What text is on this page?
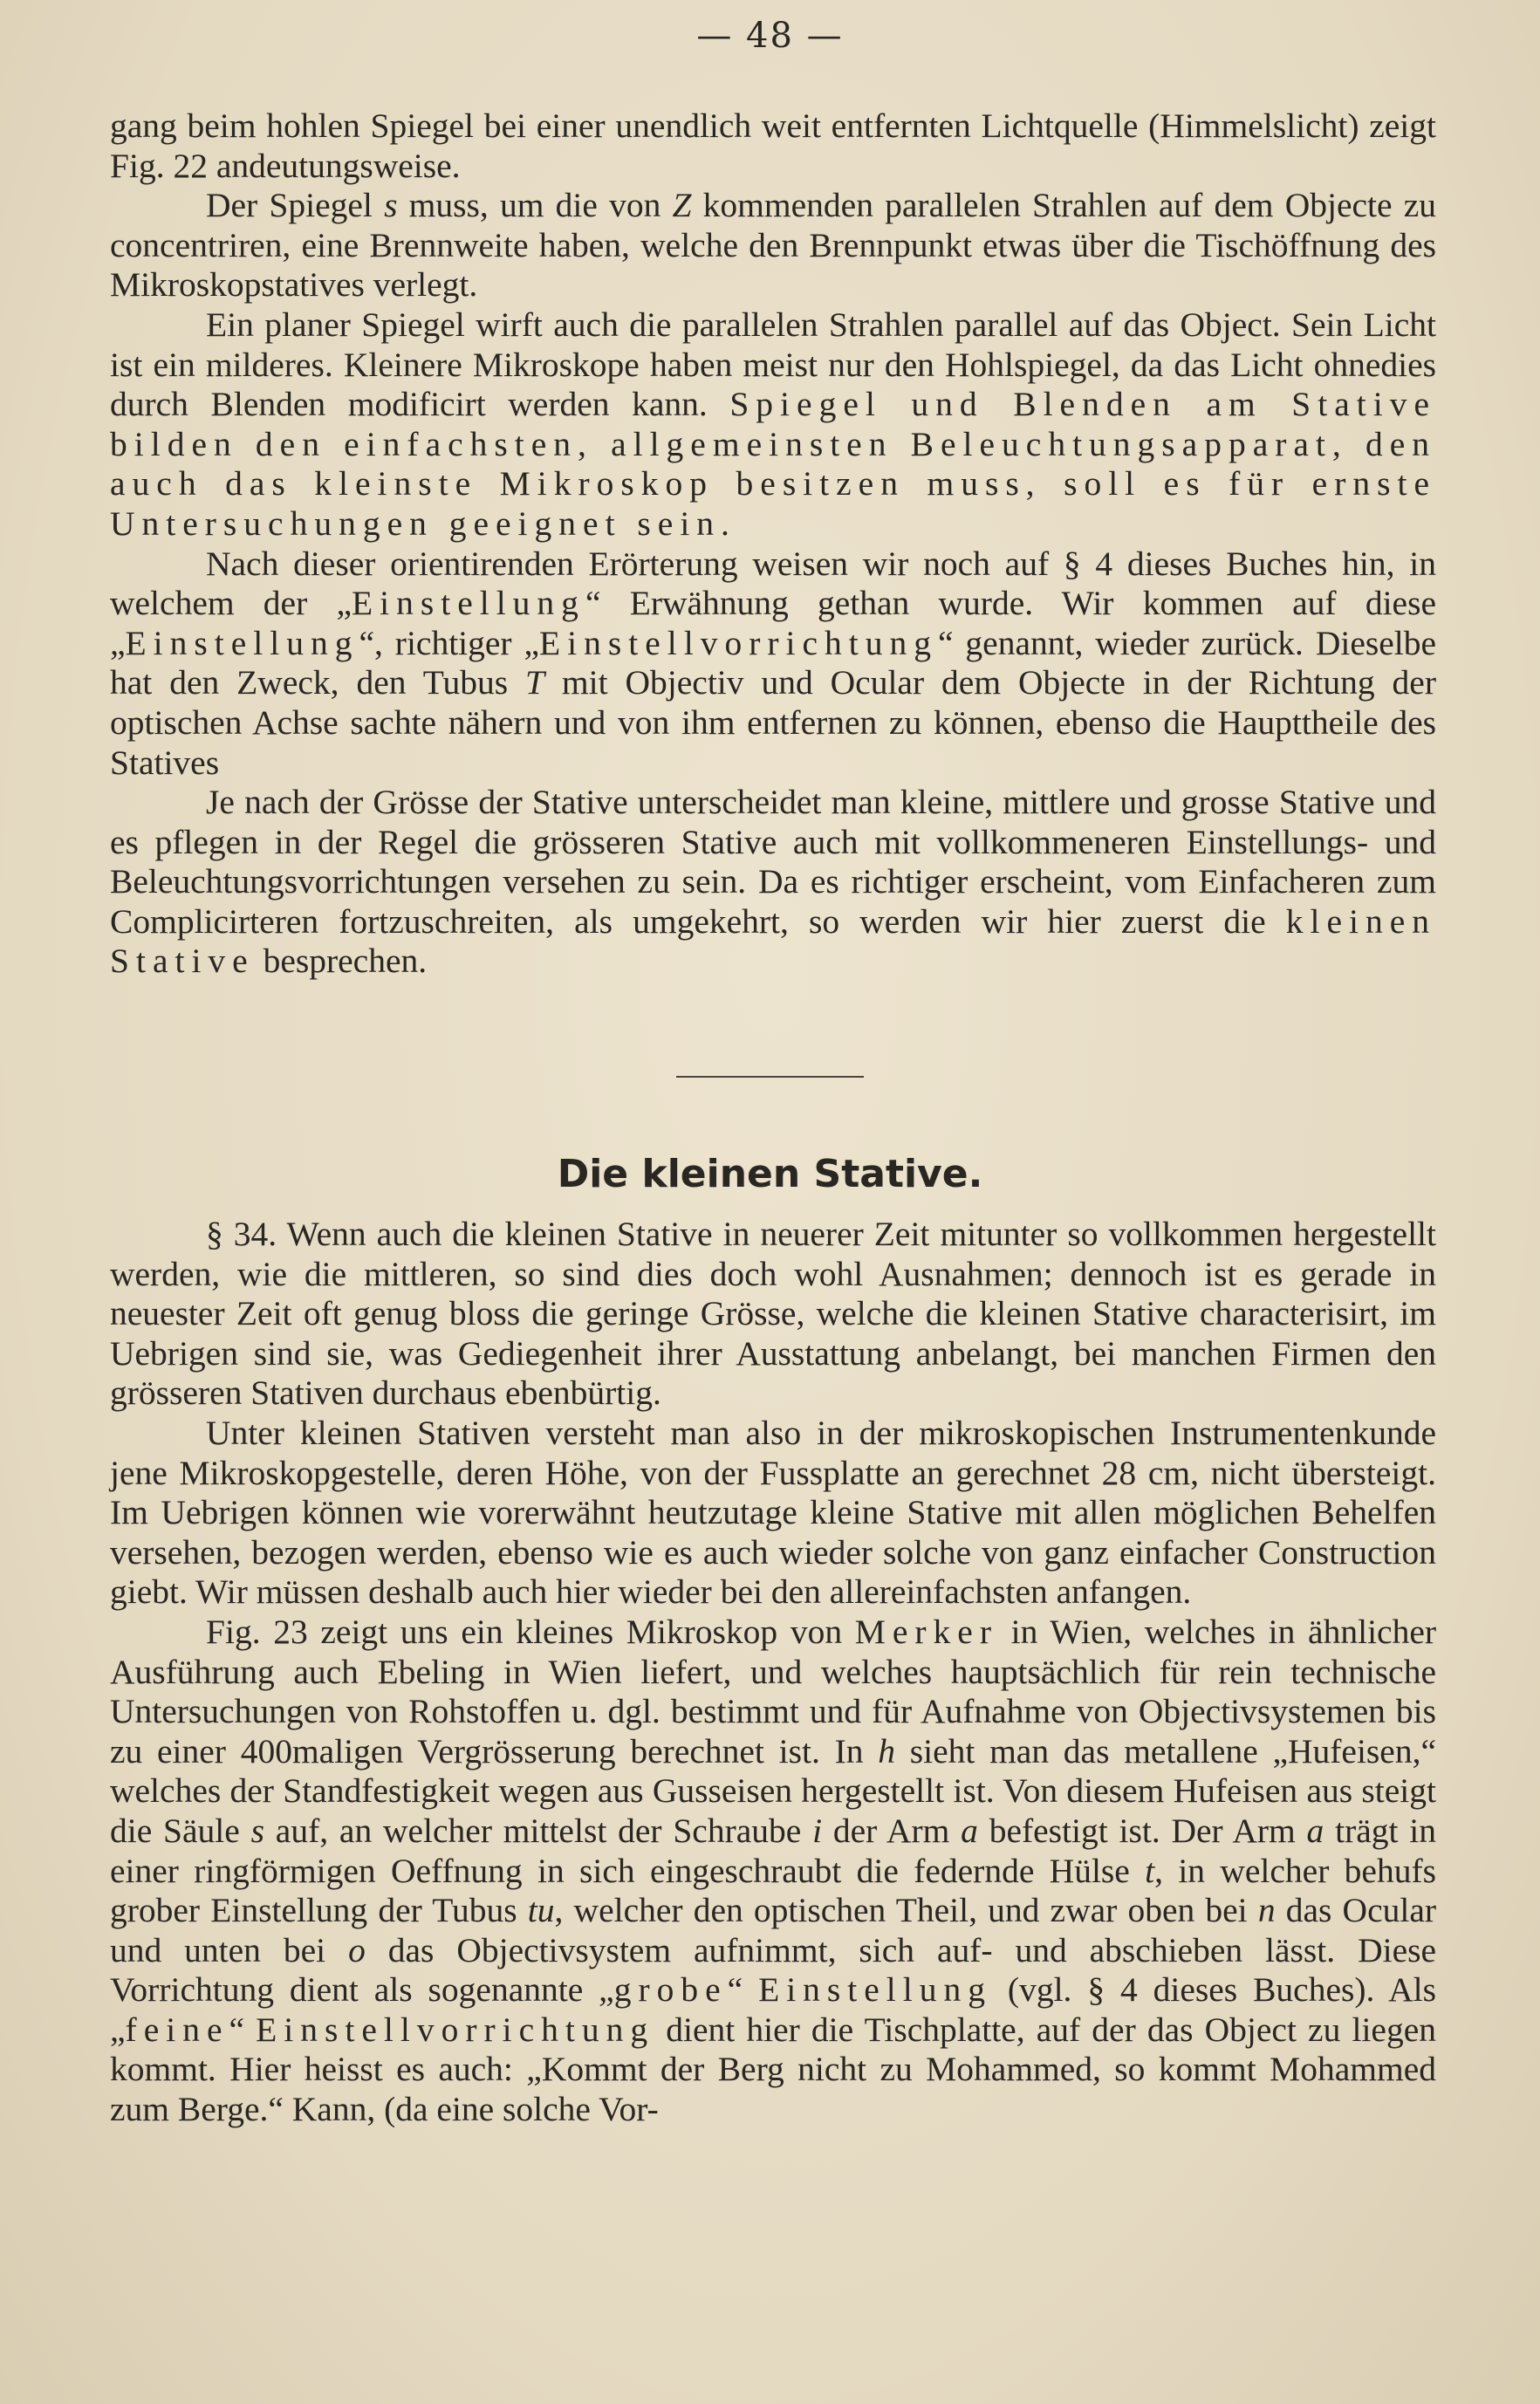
— 48 —

gang beim hohlen Spiegel bei einer unendlich weit entfernten Lichtquelle (Himmelslicht) zeigt Fig. 22 andeutungsweise.

Der Spiegel s muss, um die von Z kommenden parallelen Strahlen auf dem Objecte zu concentriren, eine Brennweite haben, welche den Brennpunkt etwas über die Tischöffnung des Mikroskopstatives verlegt.

Ein planer Spiegel wirft auch die parallelen Strahlen parallel auf das Object. Sein Licht ist ein milderes. Kleinere Mikroskope haben meist nur den Hohlspiegel, da das Licht ohnedies durch Blenden modificirt werden kann. Spiegel und Blenden am Stative bilden den einfachsten, allgemeinsten Beleuchtungsapparat, den auch das kleinste Mikroskop besitzen muss, soll es für ernste Untersuchungen geeignet sein.

Nach dieser orientirenden Erörterung weisen wir noch auf § 4 dieses Buches hin, in welchem der „Einstellung“ Erwähnung gethan wurde. Wir kommen auf diese „Einstellung“, richtiger „Einstellvorrichtung“ genannt, wieder zurück. Dieselbe hat den Zweck, den Tubus T mit Objectiv und Ocular dem Objecte in der Richtung der optischen Achse sachte nähern und von ihm entfernen zu können, ebenso die Haupttheile des Statives

Je nach der Grösse der Stative unterscheidet man kleine, mittlere und grosse Stative und es pflegen in der Regel die grösseren Stative auch mit vollkommeneren Einstellungs- und Beleuchtungsvorrichtungen versehen zu sein. Da es richtiger erscheint, vom Einfacheren zum Complicirteren fortzuschreiten, als umgekehrt, so werden wir hier zuerst die kleinen Stative besprechen.

Die kleinen Stative.

§ 34. Wenn auch die kleinen Stative in neuerer Zeit mitunter so vollkommen hergestellt werden, wie die mittleren, so sind dies doch wohl Ausnahmen; dennoch ist es gerade in neuester Zeit oft genug bloss die geringe Grösse, welche die kleinen Stative characterisirt, im Uebrigen sind sie, was Gediegenheit ihrer Ausstattung anbelangt, bei manchen Firmen den grösseren Stativen durchaus ebenbürtig.

Unter kleinen Stativen versteht man also in der mikroskopischen Instrumentenkunde jene Mikroskopgestelle, deren Höhe, von der Fussplatte an gerechnet 28 cm, nicht übersteigt. Im Uebrigen können wie vorerwähnt heutzutage kleine Stative mit allen möglichen Behelfen versehen, bezogen werden, ebenso wie es auch wieder solche von ganz einfacher Construction giebt. Wir müssen deshalb auch hier wieder bei den allereinfachsten anfangen.

Fig. 23 zeigt uns ein kleines Mikroskop von Merker in Wien, welches in ähnlicher Ausführung auch Ebeling in Wien liefert, und welches hauptsächlich für rein technische Untersuchungen von Rohstoffen u. dgl. bestimmt und für Aufnahme von Objectivsystemen bis zu einer 400maligen Vergrösserung berechnet ist. In h sieht man das metallene „Hufeisen,“ welches der Standfestigkeit wegen aus Gusseisen hergestellt ist. Von diesem Hufeisen aus steigt die Säule s auf, an welcher mittelst der Schraube i der Arm a befestigt ist. Der Arm a trägt in einer ringförmigen Oeffnung in sich eingeschraubt die federnde Hülse t, in welcher behufs grober Einstellung der Tubus tu, welcher den optischen Theil, und zwar oben bei n das Ocular und unten bei o das Objectivsystem aufnimmt, sich auf- und abschieben lässt. Diese Vorrichtung dient als sogenannte „grobe“ Einstellung (vgl. § 4 dieses Buches). Als „feine“ Einstellvorrichtung dient hier die Tischplatte, auf der das Object zu liegen kommt. Hier heisst es auch: „Kommt der Berg nicht zu Mohammed, so kommt Mohammed zum Berge.“ Kann, (da eine solche Vor-
